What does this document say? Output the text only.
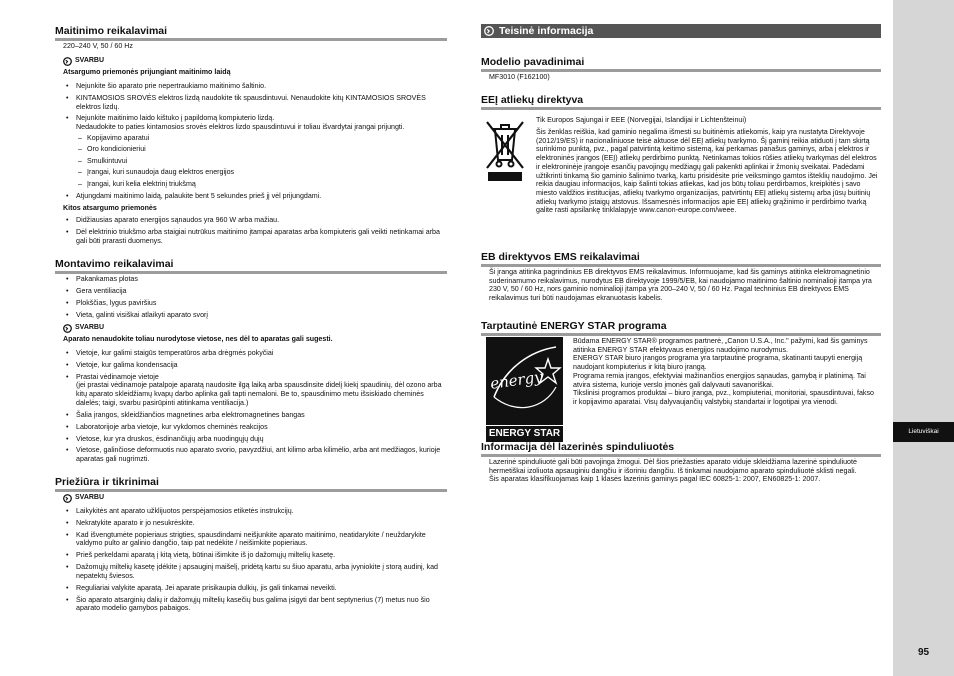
Lietuviškai
95
Maitinimo reikalavimai

220–240 V, 50 / 60 Hz

SVARBU

Atsargumo priemonės prijungiant maitinimo laidą

• Nejunkite šio aparato prie nepertraukiamo maitinimo šaltinio.
• KINTAMOSIOS SROVĖS elektros lizdą naudokite tik spausdintuvui. Nenaudokite kitų KINTAMOSIOS SROVĖS elektros lizdų.
• Nejunkite maitinimo laido kištuko į papildomą kompiuterio lizdą.
Nedaudokite to paties kintamosios srovės elektros lizdo spausdintuvui ir toliau išvardytai įrangai prijungti.
– Kopijavimo aparatui
– Oro kondicionieriui
– Smulkintuvui
– Įrangai, kuri sunaudoja daug elektros energijos
– Įrangai, kuri kelia elektrinį triukšmą
• Atjungdami maitinimo laidą, palaukite bent 5 sekundes prieš jį vėl prijungdami.

Kitos atsargumo priemonės

• Didžiausias aparato energijos sąnaudos yra 960 W arba mažiau.
• Dėl elektrinio triukšmo arba staigiai nutrūkus maitinimo įtampai aparatas arba kompiuteris gali veikti netinkamai arba gali būti prarasti duomenys.
Montavimo reikalavimai
• Pakankamas plotas
• Gera ventiliacija
• Plokščias, lygus paviršius
• Vieta, galinti visiškai atlaikyti aparato svorį
SVARBU

Aparato nenaudokite toliau nurodytose vietose, nes dėl to aparatas gali sugesti.

• Vietoje, kur galimi staigūs temperatūros arba drėgmės pokyčiai
• Vietoje, kur galima kondensacija
• Prastai vėdinamoje vietoje
(jei prastai vėdinamoje patalpoje aparatą naudosite ilgą laiką arba spausdinsite didelį kiekį spaudinių, dėl ozono arba kitų aparato skleidžiamų kvapų darbo aplinka gali tapti nemaloni. Be to, spausdinimo metu išsiskiado cheminės dalelės; taigi, svarbu pasirūpinti atitinkama ventiliacija.)
• Šalia įrangos, skleidžiančios magnetines arba elektromagnetines bangas
• Laboratorijoje arba vietoje, kur vykdomos cheminės reakcijos
• Vietose, kur yra druskos, ėsdinančiųjų arba nuodingųjų dujų
• Vietose, galinčiose deformuotis nuo aparato svorio, pavyzdžiui, ant kilimo arba kilimėlio, arba ant medžiagos, kurioje aparatas gali nugrimzti.
Priežiūra ir tikrinimai
SVARBU
• Laikykitės ant aparato užklijuotos perspėjamosios etiketės instrukcijų.
• Nekratykite aparato ir jo nesukrėskite.
• Kad išvengtumėte popieriaus strigties, spausdindami neišjunkite aparato maitinimo, neatidarykite / neuždarykite valdymo pulto ar galinio dangčio, taip pat nedėkite / neišimkite popieriaus.
• Prieš perkeldami aparatą į kitą vietą, būtinai išimkite iš jo dažomųjų miltelių kasetę.
• Dažomųjų miltelių kasetę įdėkite į apsauginį maišelį, pridėtą kartu su šiuo aparatu, arba įvyniokite į storą audinį, kad nepatektų šviesos.
• Reguliariai valykite aparatą. Jei aparate prisikaupia dulkių, jis gali tinkamai neveikti.
• Šio aparato atsarginių dalių ir dažomųjų miltelių kasečių bus galima įsigyti dar bent septynerius (7) metus nuo šio aparato modelio gamybos pabaigos.
Teisinė informacija
Modelio pavadinimai

MF3010 (F162100)

EEĮ atliekų direktyva

Tik Europos Sąjungai ir EEE (Norvegijai, Islandijai ir Lichtenšteinui)

Šis ženklas reiškia, kad gaminio negalima išmesti su buitinėmis atliekomis, kaip yra nustatyta Direktyvoje (2012/19/ES) ir nacionaliniuose teisė aktuose dėl EEĮ atliekų tvarkymo. Šį gaminį reikia atiduoti į tam skirtą surinkimo punktą, pvz., pagal patvirtintą keitimo sistemą, kai perkamas panašus gaminys, arba į elektros ir elektroninės įrangos (EEĮ) atliekų perdirbimo punktą. Netinkamas tokios rūšies atliekų tvarkymas dėl elektros ir elektroninėje įrangoje esančių pavojingų medžiagų gali pakenkti aplinkai ir žmonių sveikatai. Padėdami užtikrinti tinkamą šio gaminio šalinimo tvarką, kartu prisidėsite prie veiksmingo gamtos išteklių naudojimo. Jei reikia daugiau informacijos, kaip šalinti tokias atliekas, kad jos būtų toliau perdirbamos, kreipkitės į savo miesto valdžios institucijas, atliekų tvarkymo organizacijas, patvirtintų EEĮ atliekų sistemų arba jūsų buitinių atliekų tvarkymo įstaigų atstovus. Išsamesnės informacijos apie EEĮ atliekų grąžinimo ir perdirbimo tvarką galite rasti apsilankę tinklalapyje www.canon-europe.com/weee.

EB direktyvos EMS reikalavimai

Ši įranga atitinka pagrindinius EB direktyvos EMS reikalavimus. Informuojame, kad šis gaminys atitinka elektromagnetinio suderinamumo reikalavimus, nurodytus EB direktyvoje 1999/5/EB, kai naudojamo maitinimo šaltinio nominalioji įtampa yra 230 V, 50 / 60 Hz, nors gaminio nominalioji įtampa yra 200–240 V, 50 / 60 Hz. Pagal techninius EB direktyvos EMS reikalavimus turi būti naudojamas ekranuotasis kabelis.

Tarptautinė ENERGY STAR programa
energy
ENERGY STAR

Būdama ENERGY STAR® programos partnerė, „Canon U.S.A., Inc." pažymi, kad šis gaminys atitinka ENERGY STAR efektyvaus energijos naudojimo nurodymus.
ENERGY STAR biuro įrangos programa yra tarptautinė programa, skatinanti taupyti energiją naudojant kompiuterius ir kitą biuro įrangą.
Programa remia įrangos, efektyviai mažinančios energijos sąnaudas, gamybą ir platinimą. Tai atvira sistema, kurioje verslo įmonės gali dalyvauti savanoriškai.
Tikslinisi programos produktai – biuro įranga, pvz., kompiuteriai, monitoriai, spausdintuvai, fakso ir kopijavimo aparatai. Visų dalyvaujančių valstybių standartai ir logotipai yra vienodi.

Informacija dėl lazerinės spinduliuotės

Lazerinė spinduliuotė gali būti pavojinga žmogui. Dėl šios priežasties aparato viduje skleidžiama lazerinė spinduliuotė hermetiškai izoliuota apsauginiu dangčiu ir išoriniu dangčiu. Iš tinkamai naudojamo aparato spinduliuotė sklisti negali.
Šis aparatas klasifikuojamas kaip 1 klasės lazerinis gaminys pagal IEC 60825-1: 2007, EN60825-1: 2007.
